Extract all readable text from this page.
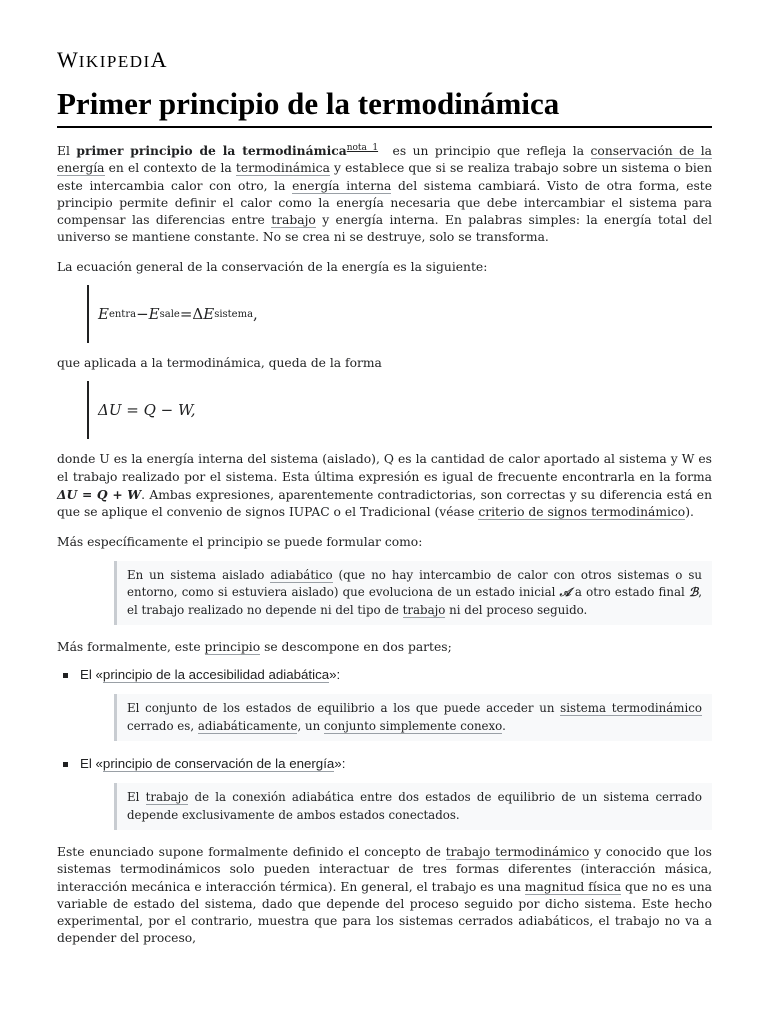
WIKIPEDIA
Primer principio de la termodinámica

El primer principio de la termodinámica$^{nota 1}$ es un principio que refleja la conservación de la energía en el contexto de la termodinámica y establece que si se realiza trabajo sobre un sistema o bien este intercambia calor con otro, la energía interna del sistema cambiará. Visto de otra forma, este principio permite definir el calor como la energía necesaria que debe intercambiar el sistema para compensar las diferencias entre trabajo y energía interna. En palabras simples: la energía total del universo se mantiene constante. No se crea ni se destruye, solo se transforma.

La ecuación general de la conservación de la energía es la siguiente:

E entra − E sale = Δ E sistema ,

que aplicada a la termodinámica, queda de la forma

ΔU = Q − W,

donde U es la energía interna del sistema (aislado), Q es la cantidad de calor aportado al sistema y W es el trabajo realizado por el sistema. Esta última expresión es igual de frecuente encontrarla en la forma ΔU = Q + W. Ambas expresiones, aparentemente contradictorias, son correctas y su diferencia está en que se aplique el convenio de signos IUPAC o el Tradicional (véase criterio de signos termodinámico).

Más específicamente el principio se puede formular como:

En un sistema aislado adiabático (que no hay intercambio de calor con otros sistemas o su entorno, como si estuviera aislado) que evoluciona de un estado inicial 𝒜 a otro estado final ℬ, el trabajo realizado no depende ni del tipo de trabajo ni del proceso seguido.

Más formalmente, este principio se descompone en dos partes;

El «principio de la accesibilidad adiabática»:

El conjunto de los estados de equilibrio a los que puede acceder un sistema termodinámico cerrado es, adiabáticamente, un conjunto simplemente conexo.

El «principio de conservación de la energía»:

El trabajo de la conexión adiabática entre dos estados de equilibrio de un sistema cerrado depende exclusivamente de ambos estados conectados.

Este enunciado supone formalmente definido el concepto de trabajo termodinámico y conocido que los sistemas termodinámicos solo pueden interactuar de tres formas diferentes (interacción másica, interacción mecánica e interacción térmica). En general, el trabajo es una magnitud física que no es una variable de estado del sistema, dado que depende del proceso seguido por dicho sistema. Este hecho experimental, por el contrario, muestra que para los sistemas cerrados adiabáticos, el trabajo no va a depender del proceso,
